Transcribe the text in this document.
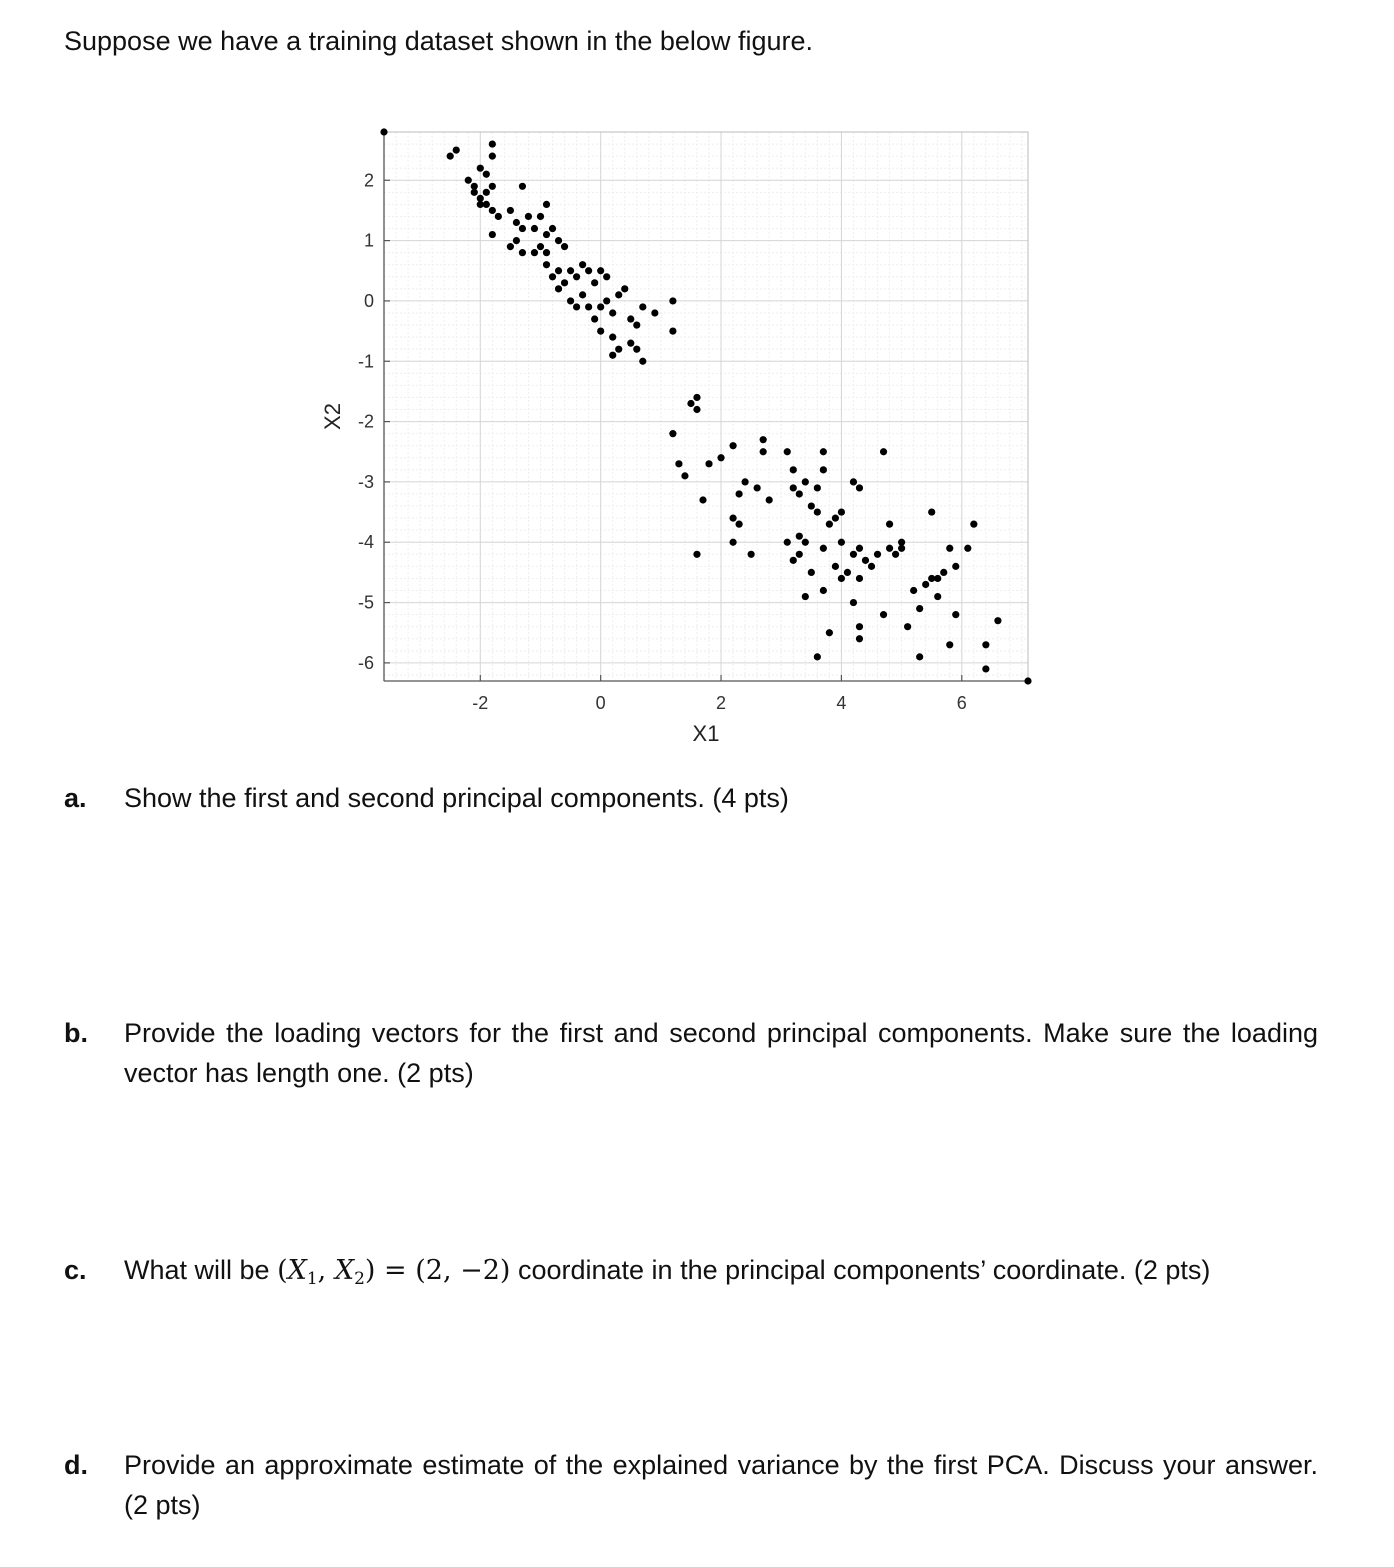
Suppose we have a training dataset shown in the below figure.
-2	0	2	4	6
2
1
0
-1
-2
-3
-4
-5
-6
X1
X2
a.	Show the first and second principal components. (4 pts)
b.	Provide the loading vectors for the first and second principal components. Make sure the loading vector has length one. (2 pts)
c.	What will be ($X_1$, $X_2) = (2$, −2) coordinate in the principal components’ coordinate. (2 pts)
d.	Provide an approximate estimate of the explained variance by the first PCA. Discuss your answer. (2 pts)
